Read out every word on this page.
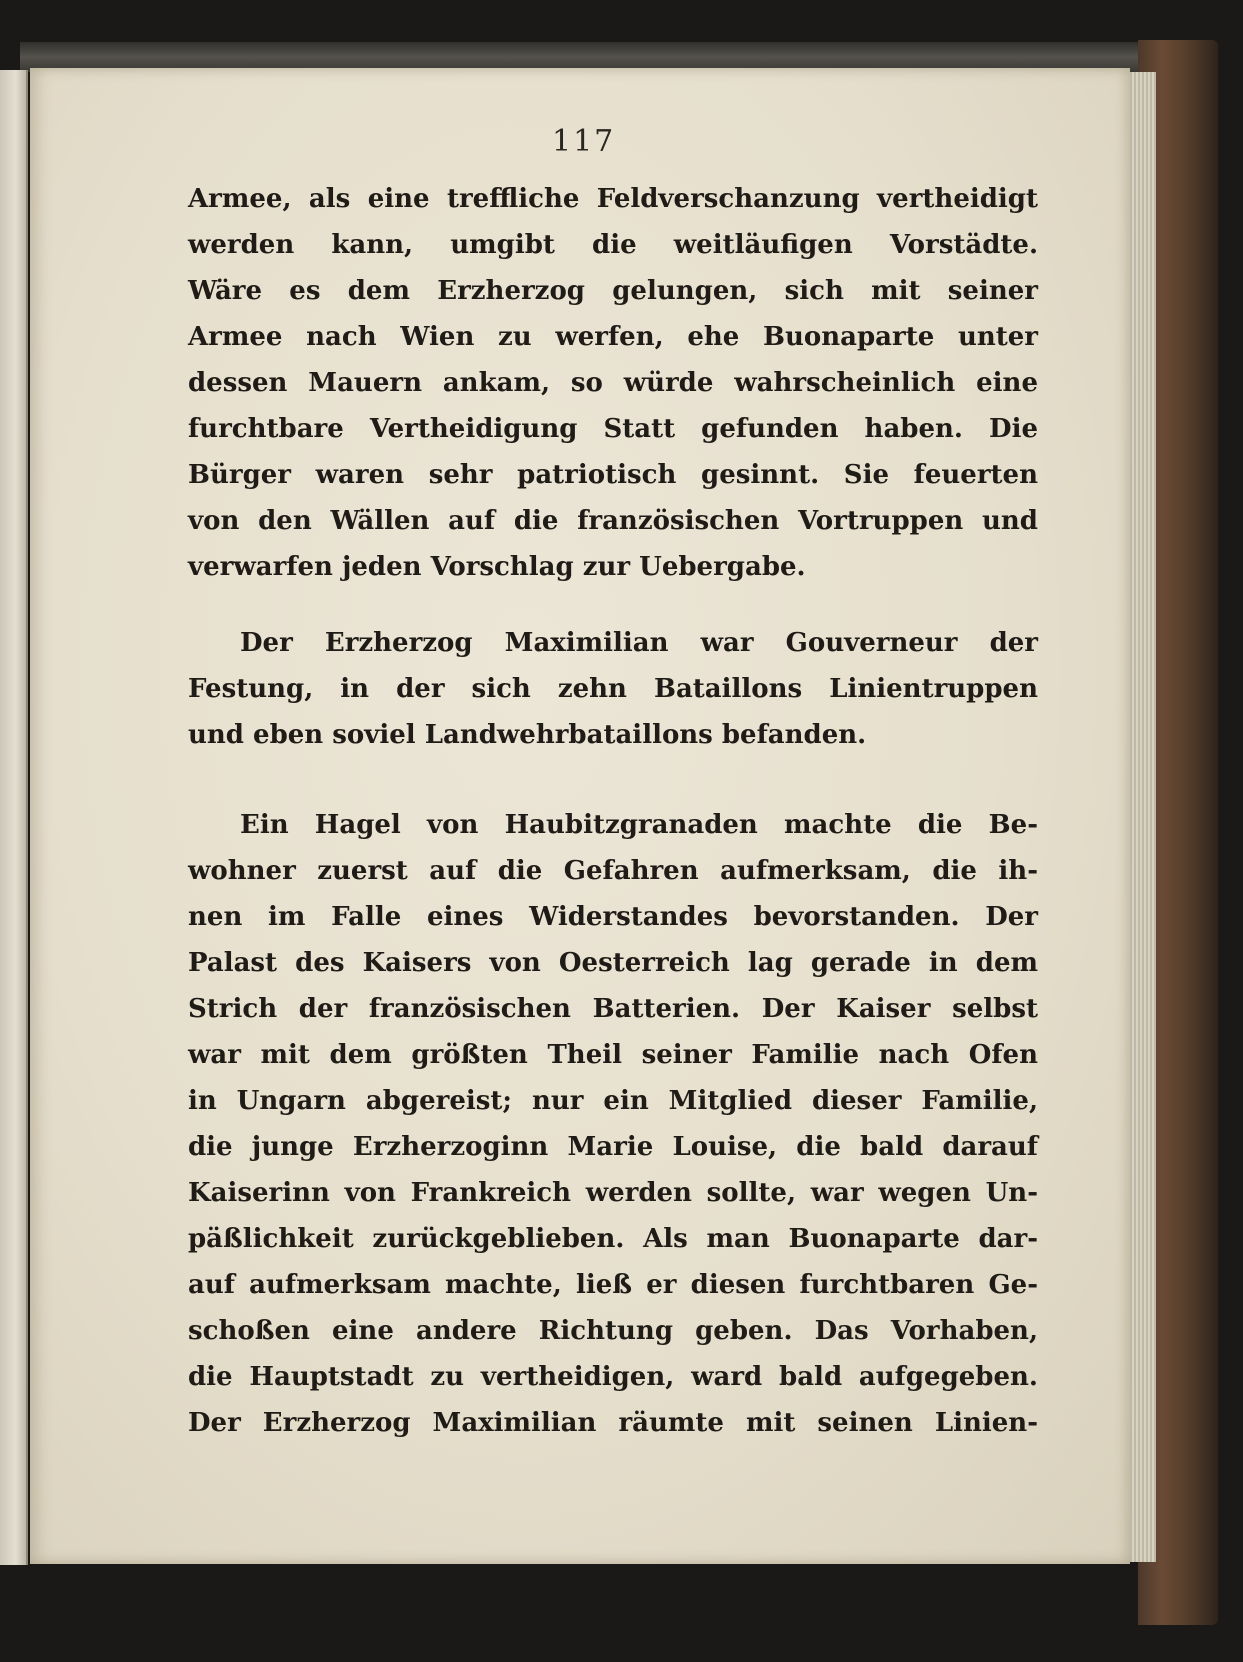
117
Armee, als eine treffliche Feldverschanzung vertheidigt
werden kann, umgibt die weitläufigen Vorstädte.
Wäre es dem Erzherzog gelungen, sich mit seiner
Armee nach Wien zu werfen, ehe Buonaparte unter
dessen Mauern ankam, so würde wahrscheinlich eine
furchtbare Vertheidigung Statt gefunden haben. Die
Bürger waren sehr patriotisch gesinnt. Sie feuerten
von den Wällen auf die französischen Vortruppen und
verwarfen jeden Vorschlag zur Uebergabe.
Der Erzherzog Maximilian war Gouverneur der
Festung, in der sich zehn Bataillons Linientruppen
und eben soviel Landwehrbataillons befanden.
Ein Hagel von Haubitzgranaden machte die Be-
wohner zuerst auf die Gefahren aufmerksam, die ih-
nen im Falle eines Widerstandes bevorstanden. Der
Palast des Kaisers von Oesterreich lag gerade in dem
Strich der französischen Batterien. Der Kaiser selbst
war mit dem größten Theil seiner Familie nach Ofen
in Ungarn abgereist; nur ein Mitglied dieser Familie,
die junge Erzherzoginn Marie Louise, die bald darauf
Kaiserinn von Frankreich werden sollte, war wegen Un-
päßlichkeit zurückgeblieben. Als man Buonaparte dar-
auf aufmerksam machte, ließ er diesen furchtbaren Ge-
schoßen eine andere Richtung geben. Das Vorhaben,
die Hauptstadt zu vertheidigen, ward bald aufgegeben.
Der Erzherzog Maximilian räumte mit seinen Linien-
